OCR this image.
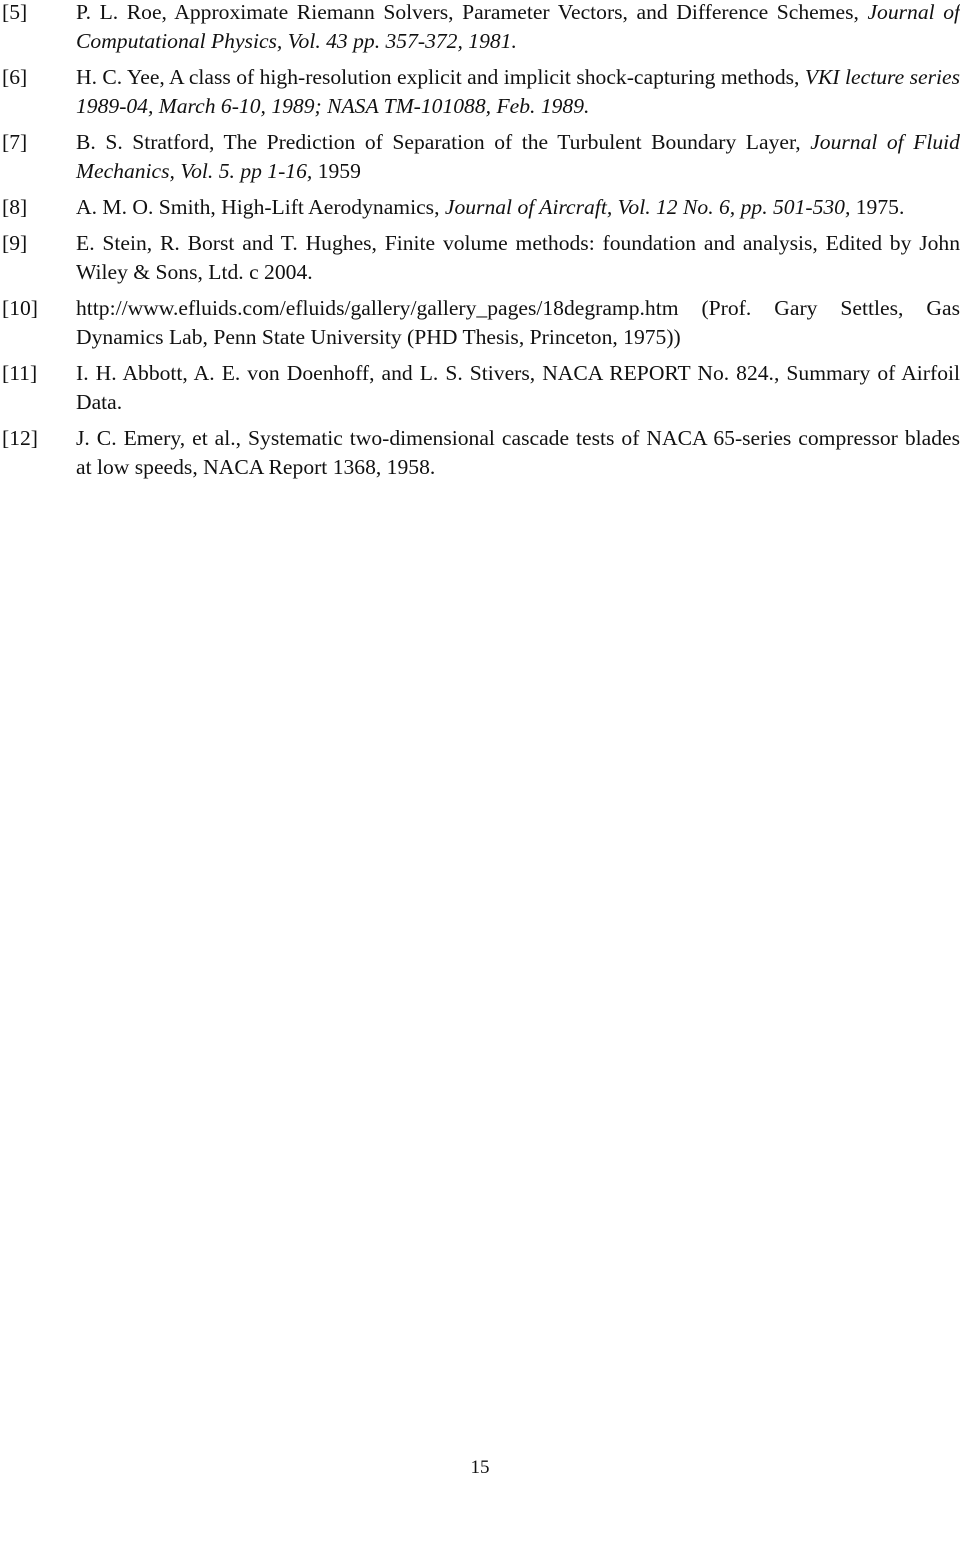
[5]	P. L. Roe, Approximate Riemann Solvers, Parameter Vectors, and Difference Schemes, Journal of Computational Physics, Vol. 43 pp. 357-372, 1981.
[6]	H. C. Yee, A class of high-resolution explicit and implicit shock-capturing methods, VKI lecture series 1989-04, March 6-10, 1989; NASA TM-101088, Feb. 1989.
[7]	B. S. Stratford, The Prediction of Separation of the Turbulent Boundary Layer, Journal of Fluid Mechanics, Vol. 5. pp 1-16, 1959
[8]	A. M. O. Smith, High-Lift Aerodynamics, Journal of Aircraft, Vol. 12 No. 6, pp. 501-530, 1975.
[9]	E. Stein, R. Borst and T. Hughes, Finite volume methods: foundation and analysis, Edited by John Wiley & Sons, Ltd. c 2004.
[10]	http://www.efluids.com/efluids/gallery/gallery_pages/18degramp.htm (Prof. Gary Settles, Gas Dynamics Lab, Penn State University (PHD Thesis, Princeton, 1975))
[11]	I. H. Abbott, A. E. von Doenhoff, and L. S. Stivers, NACA REPORT No. 824., Summary of Airfoil Data.
[12]	J. C. Emery, et al., Systematic two-dimensional cascade tests of NACA 65-series compressor blades at low speeds, NACA Report 1368, 1958.
15
